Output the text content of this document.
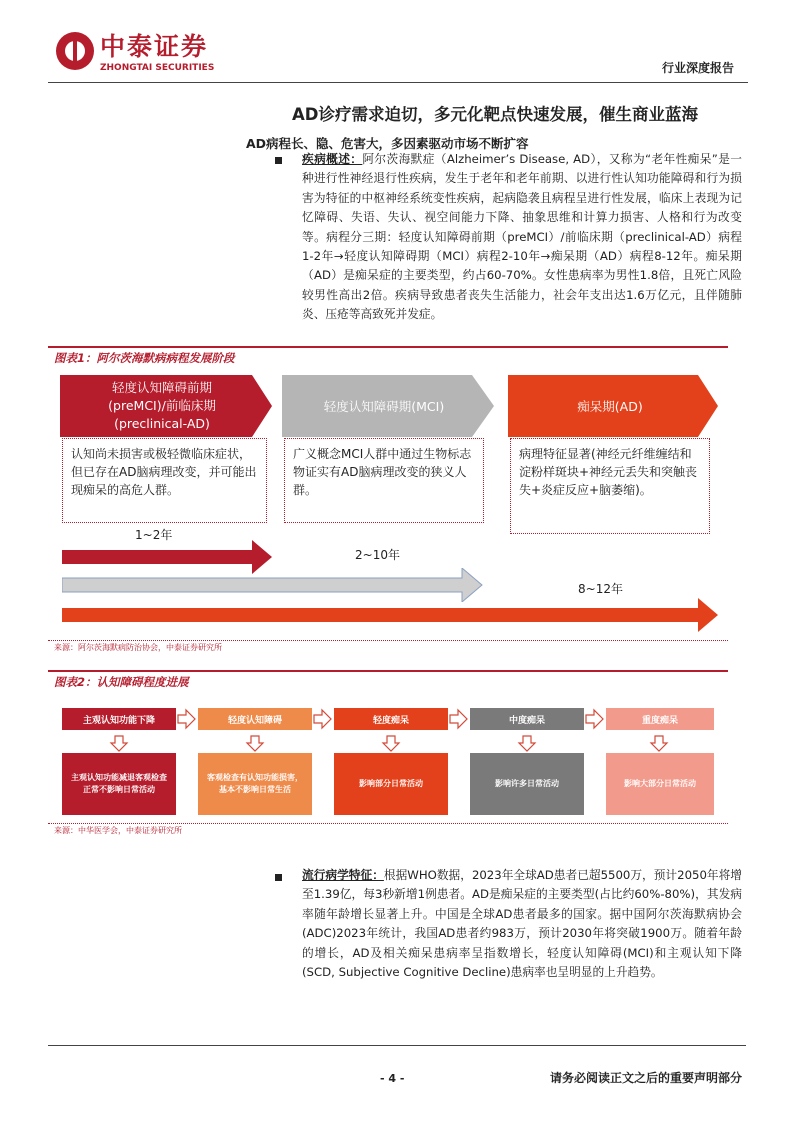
中泰证券
ZHONGTAI SECURITIES	行业深度报告
AD诊疗需求迫切，多元化靶点快速发展，催生商业蓝海
AD病程长、隐、危害大，多因素驱动市场不断扩容
疾病概述：阿尔茨海默症（Alzheimer’s Disease, AD），又称为“老年性痴呆”是一种进行性神经退行性疾病，发生于老年和老年前期、以进行性认知功能障碍和行为损害为特征的中枢神经系统变性疾病，起病隐袭且病程呈进行性发展，临床上表现为记忆障碍、失语、失认、视空间能力下降、抽象思维和计算力损害、人格和行为改变等。病程分三期：轻度认知障碍前期（preMCI）/前临床期（preclinical-AD）病程1-2年→轻度认知障碍期（MCI）病程2-10年→痴呆期（AD）病程8-12年。痴呆期（AD）是痴呆症的主要类型，约占60-70%。女性患病率为男性1.8倍，且死亡风险较男性高出2倍。疾病导致患者丧失生活能力，社会年支出达1.6万亿元，且伴随肺炎、压疮等高致死并发症。
图表1：阿尔茨海默病病程发展阶段
轻度认知障碍前期
(preMCI)/前临床期
(preclinical-AD)
轻度认知障碍期(MCI)	痴呆期(AD)
认知尚未损害或极轻微临床症状，但已存在AD脑病理改变，并可能出现痴呆的高危人群。
广义概念MCI人群中通过生物标志物证实有AD脑病理改变的狭义人群。
病理特征显著(神经元纤维缠结和淀粉样斑块+神经元丢失和突触丧失+炎症反应+脑萎缩)。
1~2年
2~10年
8~12年
来源：阿尔茨海默病防治协会，中泰证券研究所
图表2：认知障碍程度进展
主观认知功能下降	轻度认知障碍	轻度痴呆	中度痴呆	重度痴呆
主观认知功能减退客观检查正常不影响日常活动
客观检查有认知功能损害，基本不影响日常生活
影响部分日常活动	影响许多日常活动	影响大部分日常活动
来源：中华医学会，中泰证券研究所
流行病学特征：根据WHO数据，2023年全球AD患者已超5500万，预计2050年将增至1.39亿，每3秒新增1例患者。AD是痴呆症的主要类型(占比约60%-80%)，其发病率随年龄增长显著上升。中国是全球AD患者最多的国家。据中国阿尔茨海默病协会(ADC)2023年统计，我国AD患者约983万，预计2030年将突破1900万。随着年龄的增长，AD及相关痴呆患病率呈指数增长，轻度认知障碍(MCI)和主观认知下降(SCD, Subjective Cognitive Decline)患病率也呈明显的上升趋势。
- 4 -	请务必阅读正文之后的重要声明部分
